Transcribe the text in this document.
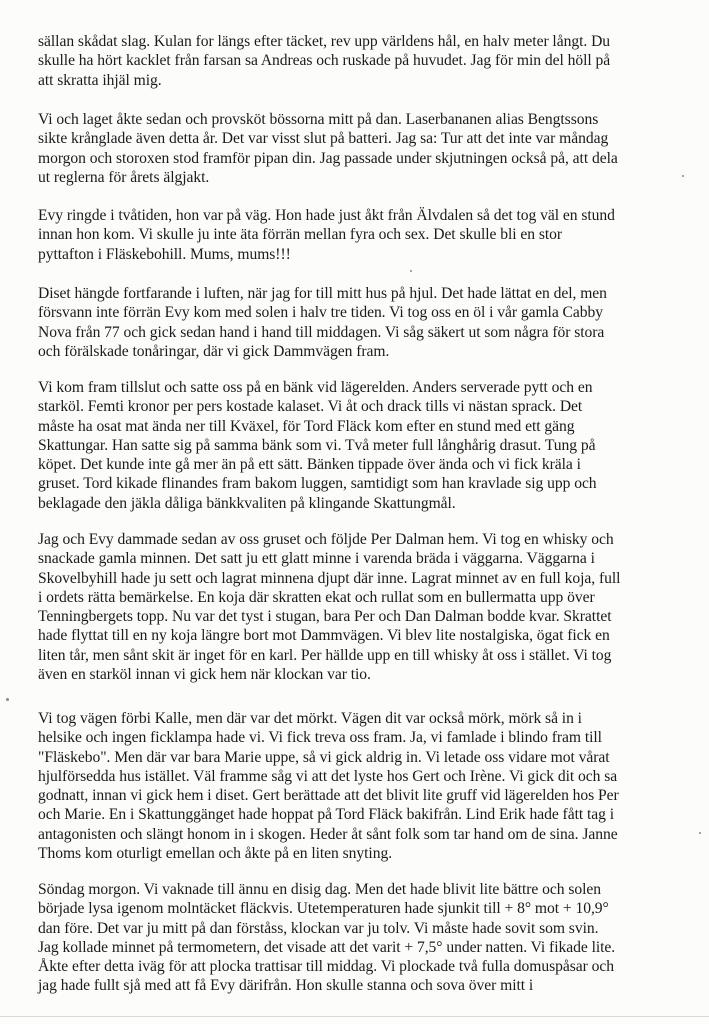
sällan skådat slag. Kulan for längs efter täcket, rev upp världens hål, en halv meter långt. Du
skulle ha hört kacklet från farsan sa Andreas och ruskade på huvudet. Jag för min del höll på
att skratta ihjäl mig.
Vi och laget åkte sedan och provsköt bössorna mitt på dan. Laserbananen alias Bengtssons
sikte krånglade även detta år. Det var visst slut på batteri. Jag sa: Tur att det inte var måndag
morgon och storoxen stod framför pipan din. Jag passade under skjutningen också på, att dela
ut reglerna för årets älgjakt.
Evy ringde i tvåtiden, hon var på väg. Hon hade just åkt från Älvdalen så det tog väl en stund
innan hon kom. Vi skulle ju inte äta förrän mellan fyra och sex. Det skulle bli en stor
pyttafton i Fläskebohill. Mums, mums!!!
Diset hängde fortfarande i luften, när jag for till mitt hus på hjul. Det hade lättat en del, men
försvann inte förrän Evy kom med solen i halv tre tiden. Vi tog oss en öl i vår gamla Cabby
Nova från 77 och gick sedan hand i hand till middagen. Vi såg säkert ut som några för stora
och förälskade tonåringar, där vi gick Dammvägen fram.
Vi kom fram tillslut och satte oss på en bänk vid lägerelden. Anders serverade pytt och en
starköl. Femti kronor per pers kostade kalaset. Vi åt och drack tills vi nästan sprack. Det
måste ha osat mat ända ner till Kväxel, för Tord Fläck kom efter en stund med ett gäng
Skattungar. Han satte sig på samma bänk som vi. Två meter full långhårig drasut. Tung på
köpet. Det kunde inte gå mer än på ett sätt. Bänken tippade över ända och vi fick kräla i
gruset. Tord kikade flinandes fram bakom luggen, samtidigt som han kravlade sig upp och
beklagade den jäkla dåliga bänkkvaliten på klingande Skattungmål.
Jag och Evy dammade sedan av oss gruset och följde Per Dalman hem. Vi tog en whisky och
snackade gamla minnen. Det satt ju ett glatt minne i varenda bräda i väggarna. Väggarna i
Skovelbyhill hade ju sett och lagrat minnena djupt där inne. Lagrat minnet av en full koja, full
i ordets rätta bemärkelse. En koja där skratten ekat och rullat som en bullermatta upp över
Tenningbergets topp. Nu var det tyst i stugan, bara Per och Dan Dalman bodde kvar. Skrattet
hade flyttat till en ny koja längre bort mot Dammvägen. Vi blev lite nostalgiska, ögat fick en
liten tår, men sånt skit är inget för en karl. Per hällde upp en till whisky åt oss i stället. Vi tog
även en starköl innan vi gick hem när klockan var tio.
Vi tog vägen förbi Kalle, men där var det mörkt. Vägen dit var också mörk, mörk så in i
helsike och ingen ficklampa hade vi. Vi fick treva oss fram. Ja, vi famlade i blindo fram till
"Fläskebo". Men där var bara Marie uppe, så vi gick aldrig in. Vi letade oss vidare mot vårat
hjulförsedda hus istället. Väl framme såg vi att det lyste hos Gert och Irène. Vi gick dit och sa
godnatt, innan vi gick hem i diset. Gert berättade att det blivit lite gruff vid lägerelden hos Per
och Marie. En i Skattunggänget hade hoppat på Tord Fläck bakifrån. Lind Erik hade fått tag i
antagonisten och slängt honom in i skogen. Heder åt sånt folk som tar hand om de sina. Janne
Thoms kom oturligt emellan och åkte på en liten snyting.
Söndag morgon. Vi vaknade till ännu en disig dag. Men det hade blivit lite bättre och solen
började lysa igenom molntäcket fläckvis. Utetemperaturen hade sjunkit till + 8° mot + 10,9°
dan före. Det var ju mitt på dan förståss, klockan var ju tolv. Vi måste hade sovit som svin.
Jag kollade minnet på termometern, det visade att det varit + 7,5° under natten. Vi fikade lite.
Åkte efter detta iväg för att plocka trattisar till middag. Vi plockade två fulla domuspåsar och
jag hade fullt sjå med att få Evy därifrån. Hon skulle stanna och sova över mitt i
